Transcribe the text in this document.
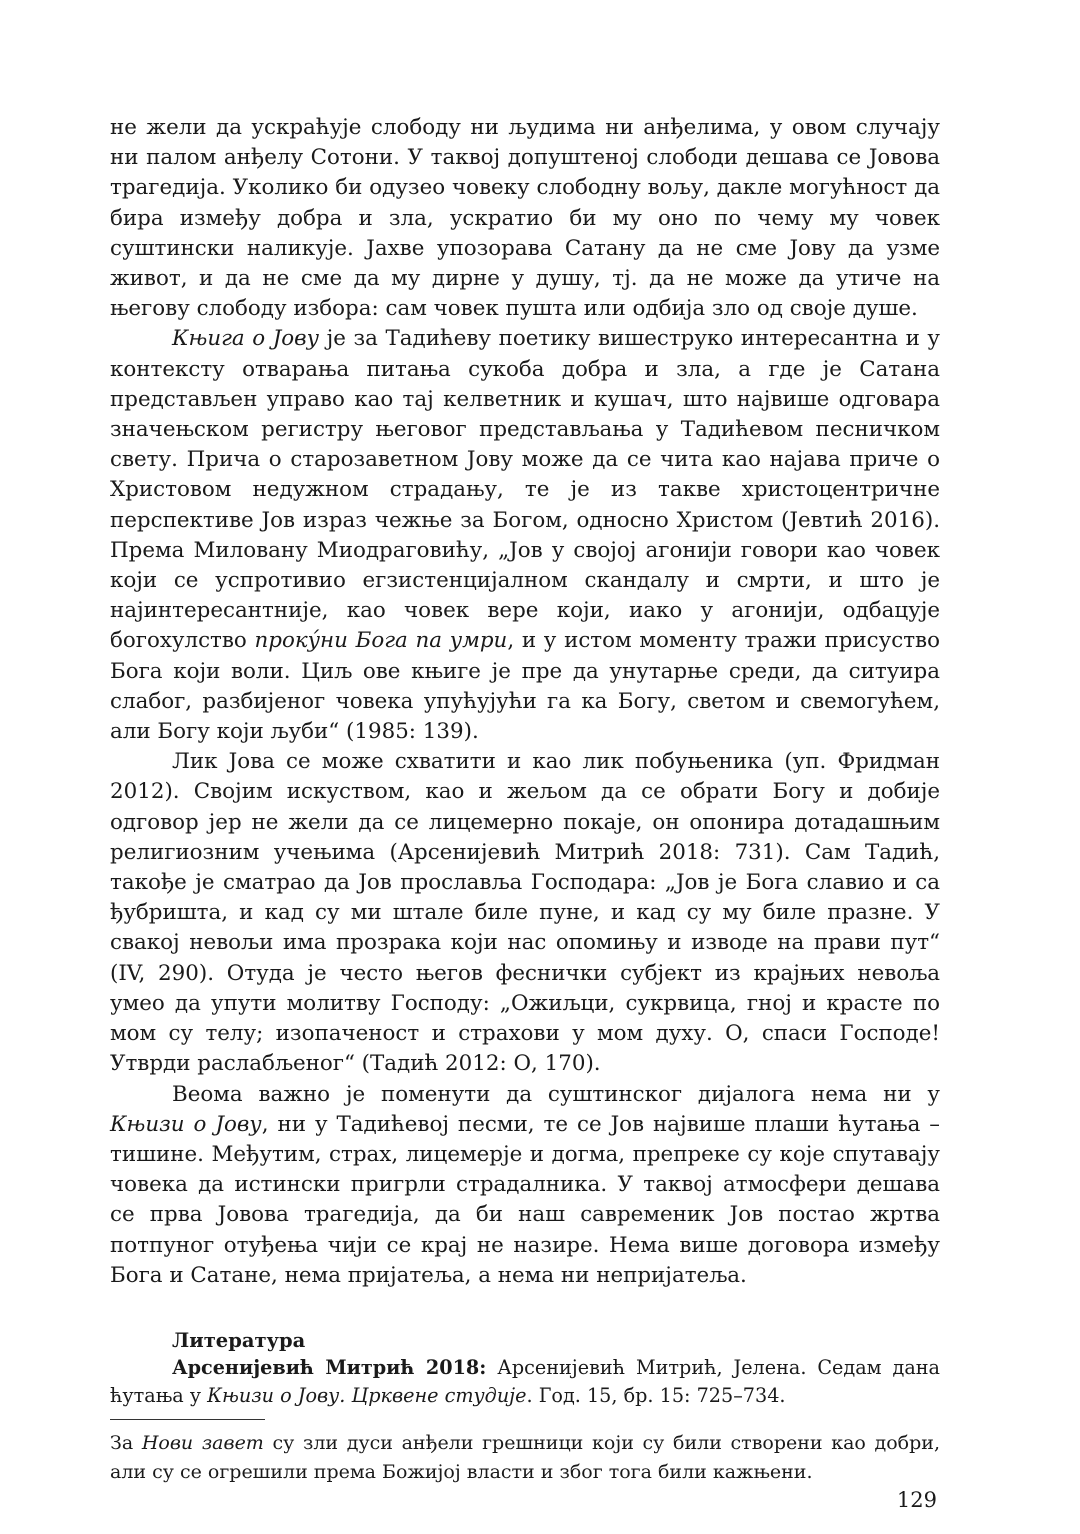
не жели да ускраћује слободу ни људима ни анђелима, у овом случају ни палом анђелу Сотони. У таквој допуштеној слободи дешава се Јовова трагедија. Уколико би одузео човеку слободну вољу, дакле могућност да бира између добра и зла, ускратио би му оно по чему му човек суштински наликује. Јахве упозорава Сатану да не сме Јову да узме живот, и да не сме да му дирне у душу, тј. да не може да утиче на његову слободу избора: сам човек пушта или одбија зло од своје душе.

Књига о Јову је за Тадићеву поетику вишеструко интересантна и у контексту отварања питања сукоба добра и зла, а где је Сатана представљен управо као тај келветник и кушач, што највише одговара значењском регистру његовог представљања у Тадићевом песничком свету. Прича о старозаветном Јову може да се чита као најава приче о Христовом недужном страдању, те је из такве христоцентричне перспективе Јов израз чежње за Богом, односно Христом (Јевтић 2016). Према Миловану Миодраговићу, „Јов у својој агонији говори као човек који се успротивио егзистенцијалном скандалу и смрти, и што је најинтересантније, као човек вере који, иако у агонији, одбацује богохулство проку́ни Бога па умри, и у истом моменту тражи присуство Бога који воли. Циљ ове књиге је пре да унутарње среди, да ситуира слабог, разбијеног човека упућујући га ка Богу, светом и свемогућем, али Богу који љуби“ (1985: 139).

Лик Јова се може схватити и као лик побуњеника (уп. Фридман 2012). Својим искуством, као и жељом да се обрати Богу и добије одговор јер не жели да се лицемерно покаје, он опонира дотадашњим религиозним учењима (Арсенијевић Митрић 2018: 731). Сам Тадић, такође је сматрао да Јов прославља Господара: „Јов је Бога славио и са ђубришта, и кад су ми штале биле пуне, и кад су му биле празне. У свакој невољи има прозрака који нас опомињу и изводе на прави пут“ (IV, 290). Отуда је често његов феснички субјект из крајњих невоља умео да упути молитву Господу: „Ожиљци, сукрвица, гној и красте по мом су телу; изопаченост и страхови у мом духу. О, спаси Господе! Утврди раслабљеног“ (Тадић 2012: О, 170).

Веома важно је поменути да суштинског дијалога нема ни у Књизи о Јову, ни у Тадићевој песми, те се Јов највише плаши ћутања – тишине. Међутим, страх, лицемерје и догма, препреке су које спутавају човека да истински пригрли страдалника. У таквој атмосфери дешава се прва Јовова трагедија, да би наш савременик Јов постао жртва потпуног отуђења чији се крај не назире. Нема више договора између Бога и Сатане, нема пријатеља, а нема ни непријатеља.

Литература

Арсенијевић Митрић 2018: Арсенијевић Митрић, Јелена. Седам дана ћутања у Књизи о Јову. Црквене студије. Год. 15, бр. 15: 725–734.

За Нови завет су зли дуси анђели грешници који су били створени као добри, али су се огрешили према Божијој власти и због тога били кажњени.

129
